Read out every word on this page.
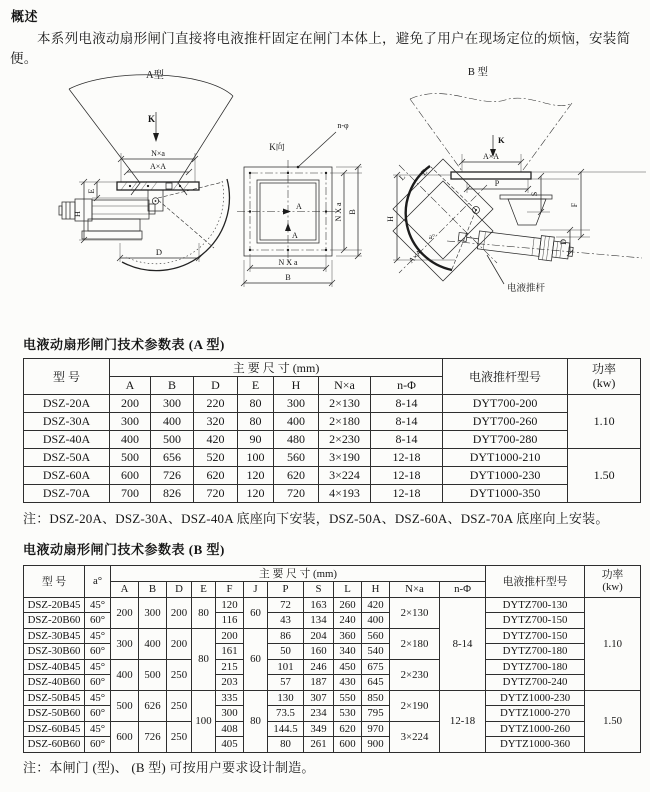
概述
本系列电液动扇形闸门直接将电液推杆固定在闸门本体上，避免了用户在现场定位的烦恼，安装简便。
A型
K
N×a
A×A
H
E
D
K向
n-φ
A
A
N X a B
N X a
B
B 型
K
A×A
a°
L
E
A×A
H
P
S
F
D
电液推杆
电液动扇形闸门技术参数表 (A 型)
型 号	主 要 尺 寸 (mm)							电液推杆型号	功率
(kw)

	A	B	D	E	H	N×a	n-Φ		
DSZ-20A	200	300	220	80	300	2×130	8-14	DYT700-200	1.10
DSZ-30A	300	400	320	80	400	2×180	8-14	DYT700-260	
DSZ-40A	400	500	420	90	480	2×230	8-14	DYT700-280	
DSZ-50A	500	656	520	100	560	3×190	12-18	DYT1000-210	1.50
DSZ-60A	600	726	620	120	620	3×224	12-18	DYT1000-230	
DSZ-70A	700	826	720	120	720	4×193	12-18	DYT1000-350	
注：DSZ-20A、DSZ-30A、DSZ-40A 底座向下安装，DSZ-50A、DSZ-60A、DSZ-70A 底座向上安装。
电液动扇形闸门技术参数表 (B 型)
型 号	a°	主 要 尺 寸 (mm)												电液推杆型号	功率
(kw)

		A	B	D	E	F	J	P	S	L	H	N×a	n-Φ		
DSZ-20B45	45°	200	300	200	80	120	60	72	163	260	420	2×130	8-14	DYTZ700-130	1.10
DSZ-20B60	60°					116		43	134	240	400			DYTZ700-150	
DSZ-30B45	45°	300	400	200	80	200	60	86	204	360	560	2×180		DYTZ700-150	
DSZ-30B60	60°					161		50	160	340	540			DYTZ700-180	
DSZ-40B45	45°	400	500	250		215		101	246	450	675	2×230		DYTZ700-180	
DSZ-40B60	60°					203		57	187	430	645			DYTZ700-240	
DSZ-50B45	45°	500	626	250	100	335	80	130	307	550	850	2×190	12-18	DYTZ1000-230	1.50
DSZ-50B60	60°					300		73.5	234	530	795			DYTZ1000-270	
DSZ-60B45	45°	600	726	250		408		144.5	349	620	970	3×224		DYTZ1000-260	
DSZ-60B60	60°					405		80	261	600	900			DYTZ1000-360	
注：本闸门 (型)、 (B 型) 可按用户要求设计制造。
